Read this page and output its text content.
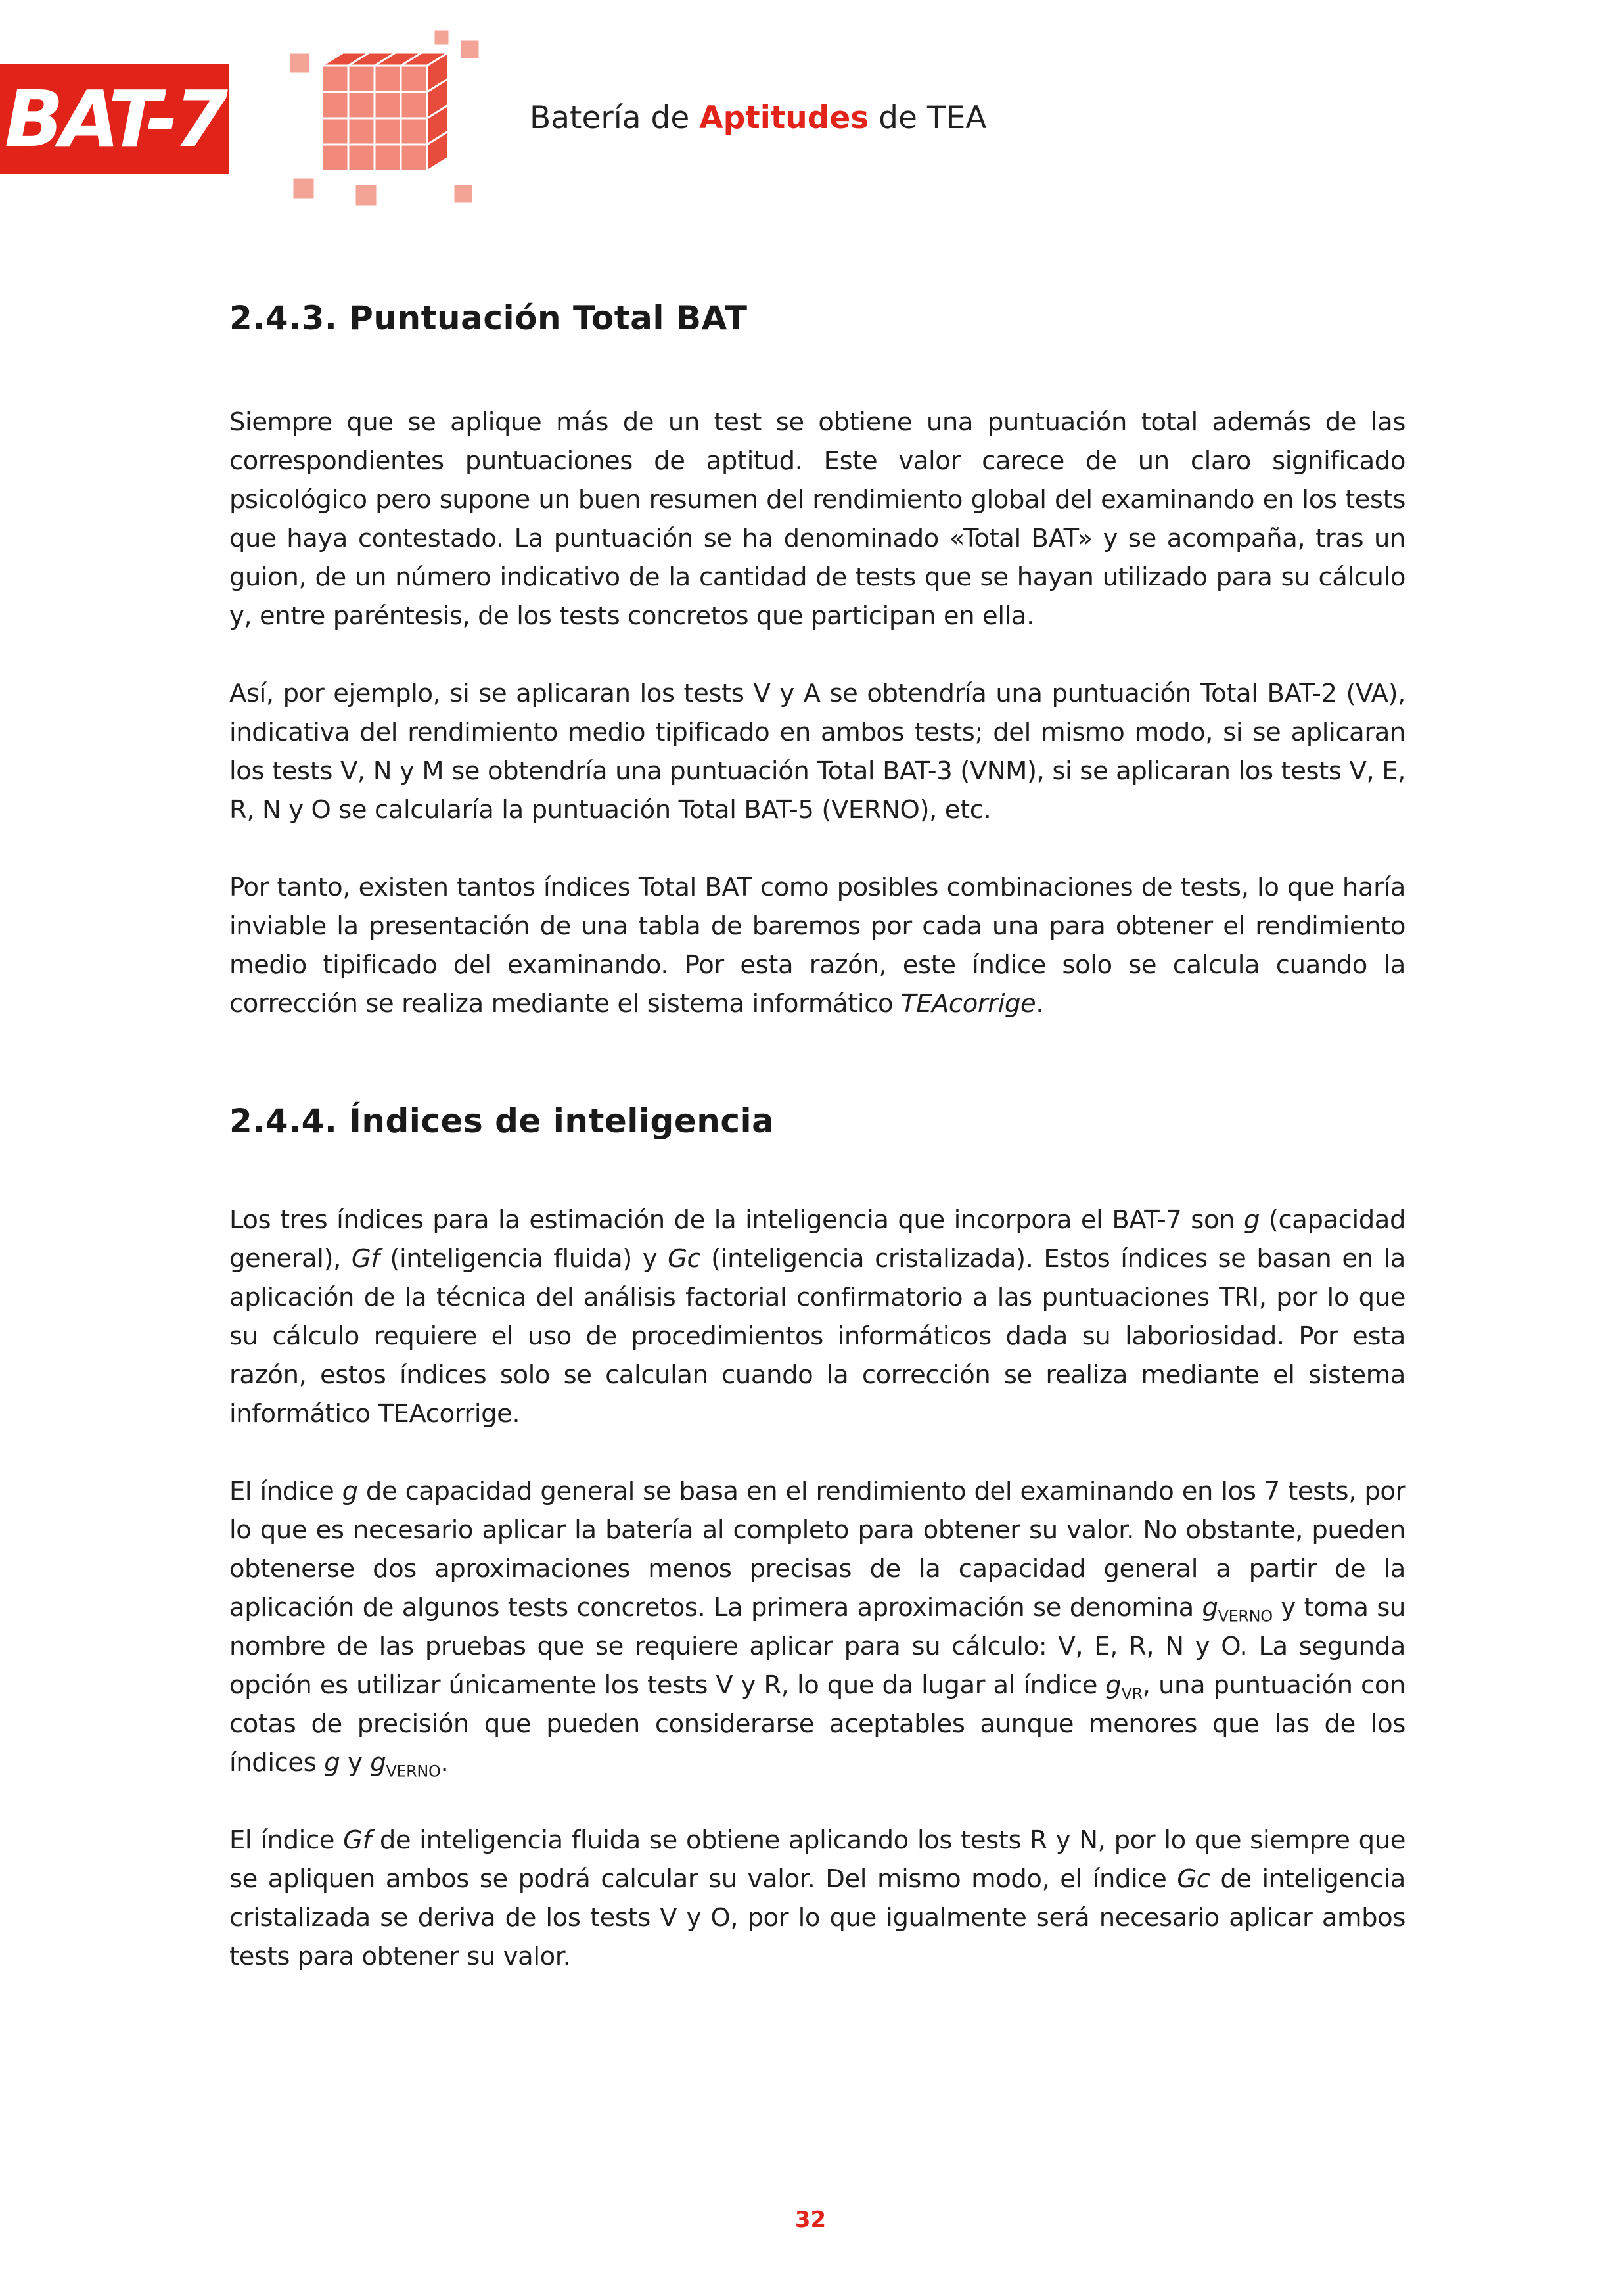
BAT-7	Batería de Aptitudes de TEA
2.4.3. Puntuación Total BAT

Siempre que se aplique más de un test se obtiene una puntuación total además de las correspondientes puntuaciones de aptitud. Este valor carece de un claro significado psicológico pero supone un buen resumen del rendimiento global del examinando en los tests que haya contestado. La puntuación se ha denominado «Total BAT» y se acompaña, tras un guion, de un número indicativo de la cantidad de tests que se hayan utilizado para su cálculo y, entre paréntesis, de los tests concretos que participan en ella.

Así, por ejemplo, si se aplicaran los tests V y A se obtendría una puntuación Total BAT-2 (VA), indicativa del rendimiento medio tipificado en ambos tests; del mismo modo, si se aplicaran los tests V, N y M se obtendría una puntuación Total BAT-3 (VNM), si se aplicaran los tests V, E, R, N y O se calcularía la puntuación Total BAT-5 (VERNO), etc.

Por tanto, existen tantos índices Total BAT como posibles combinaciones de tests, lo que haría inviable la presentación de una tabla de baremos por cada una para obtener el rendimiento medio tipificado del examinando. Por esta razón, este índice solo se calcula cuando la corrección se realiza mediante el sistema informático TEAcorrige.

2.4.4. Índices de inteligencia

Los tres índices para la estimación de la inteligencia que incorpora el BAT-7 son g (capacidad general), Gf (inteligencia fluida) y Gc (inteligencia cristalizada). Estos índices se basan en la aplicación de la técnica del análisis factorial confirmatorio a las puntuaciones TRI, por lo que su cálculo requiere el uso de procedimientos informáticos dada su laboriosidad. Por esta razón, estos índices solo se calculan cuando la corrección se realiza mediante el sistema informático TEAcorrige.

El índice g de capacidad general se basa en el rendimiento del examinando en los 7 tests, por lo que es necesario aplicar la batería al completo para obtener su valor. No obstante, pueden obtenerse dos aproximaciones menos precisas de la capacidad general a partir de la aplicación de algunos tests concretos. La primera aproximación se denomina $g_{VERNO}$ y toma su nombre de las pruebas que se requiere aplicar para su cálculo: V, E, R, N y O. La segunda opción es utilizar únicamente los tests V y R, lo que da lugar al índice $g_{VR}$, una puntuación con cotas de precisión que pueden considerarse aceptables aunque menores que las de los índices g y $g_{VERNO}$.

El índice Gf de inteligencia fluida se obtiene aplicando los tests R y N, por lo que siempre que se apliquen ambos se podrá calcular su valor. Del mismo modo, el índice Gc de inteligencia cristalizada se deriva de los tests V y O, por lo que igualmente será necesario aplicar ambos tests para obtener su valor.

32
